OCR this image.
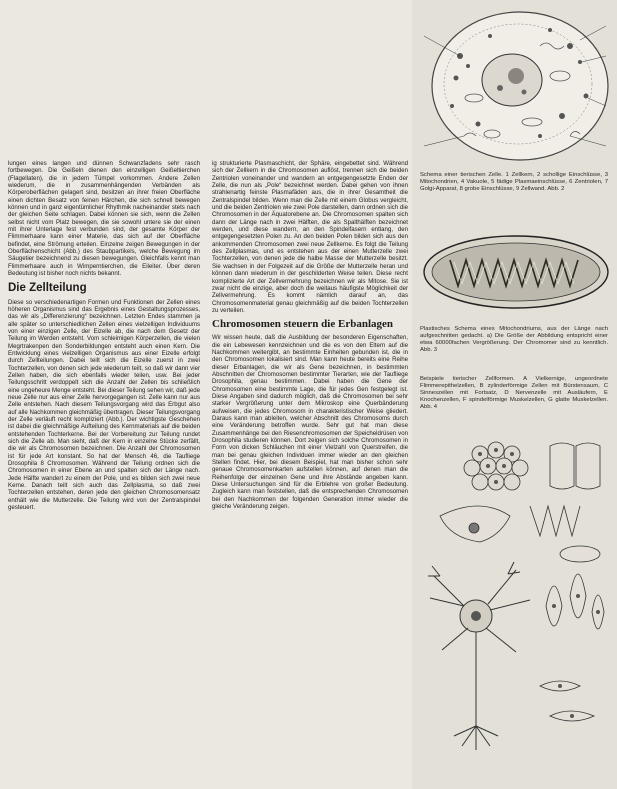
lungen eines langen und dünnen Schwanzfadens sehr rasch fortbewegen. Die Geißeln dienen den einzelligen Geißeltierchen (Flagellaten), die in jedem Tümpel vorkommen. Andere Zellen wiederum, die in zusammenhängenden Verbänden als Körperoberflächen gelagert sind, besitzen an ihrer freien Oberfläche einen dichten Besatz von feinen Härchen, die sich schnell bewegen können und in ganz eigentümlicher Rhythmik nacheinander stets nach der gleichen Seite schlagen. Dabei können sie sich, wenn die Zellen selbst nicht vom Platz bewegen, die sie sowohl untere sie der einen mit ihrer Unterlage fest verbunden sind, der gesamte Körper der Flimmerhaare kann einer Materie, das sich auf der Oberfläche befindet, eine Strömung erteilen. Einzelne zeigen Bewegungen in der Oberflächenschicht (Abb.) des Staubpartikels, welche Bewegung im Säugetier bezeichnend zu diesen bewegungen. Gleichfalls kennt man Flimmerhaare auch in Wimperntierchen, die Eileiter. Über deren Bedeutung ist bisher noch nichts bekannt.

Die Zellteilung

Diese so verschiedenartigen Formen und Funktionen der Zellen eines höheren Organismus sind das Ergebnis eines Gestaltungsprozesses, das wir als „Differenzierung“ bezeichnen. Letzten Endes stammen ja alle später so unterschiedlichen Zellen eines vielzelligen Individuums von einer einzigen Zelle, der Eizelle ab, die nach dem Gesetz der Teilung im Werden entsteht. Vom schleimigen Körperzellen, die vielen Megrtrakenpen den Sonderbildungen entsteht auch einen Kern. Die Entwicklung eines vielzelligen Organismus aus einer Eizelle erfolgt durch Zellteilungen. Dabei teilt sich die Eizelle zuerst in zwei Tochterzellen, von denen sich jede wiederum teilt, so daß wir dann vier Zellen haben, die sich ebenfalls wieder teilen, usw. Bei jeder Teilungsschritt verdoppelt sich die Anzahl der Zellen bis schließlich eine ungeheure Menge entsteht. Bei dieser Teilung sehen wir, daß jede neue Zelle nur aus einer Zelle hervorgegangen ist. Zelle kann nur aus Zelle entstehen. Nach diesem Teilungsvorgang wird das Erbgut also auf alle Nachkommen gleichmäßig übertragen. Dieser Teilungsvorgang der Zelle verläuft recht kompliziert (Abb.). Der wichtigste Geschehen ist dabei die gleichmäßige Aufteilung des Kernmaterials auf die beiden entstehenden Tochterkerne. Bei der Vorbereitung zur Teilung rundet sich die Zelle ab. Man sieht, daß der Kern in einzelne Stücke zerfällt, die wir als Chromosomen bezeichnen. Die Anzahl der Chromosomen ist für jede Art konstant. So hat der Mensch 46, die Taufliege Drosophila 8 Chromosomen. Während der Teilung ordnen sich die Chromosomen in einer Ebene an und spalten sich der Länge nach. Jede Hälfte wandert zu einem der Pole, und es bilden sich zwei neue Kerne. Danach teilt sich auch das Zellplasma, so daß zwei Tochterzellen entstehen, deren jede den gleichen Chromosomensatz enthält wie die Mutterzelle. Die Teilung wird von der Zentralspindel gesteuert.

ig strukturierte Plasmaschicht, der Sphäre, eingebettet sind. Während sich der Zellkern in die Chromosomen auflöst, trennen sich die beiden Zentriolen voneinander und wandern an entgegengesetzte Enden der Zelle, die nun als „Pole“ bezeichnet werden. Dabei gehen von ihnen strahlenartig feinste Plasmafäden aus, die in ihrer Gesamtheit die Zentralspindel bilden. Wenn man die Zelle mit einem Globus vergleicht, und die beiden Zentriolen wie zwei Pole darstellen, dann ordnen sich die Chromosomen in der Äquatorebene an. Die Chromosomen spalten sich dann der Länge nach in zwei Hälften, die als Spalthälften bezeichnet werden, und diese wandern, an den Spindelfasern entlang, den entgegengesetzten Polen zu. An den beiden Polen bilden sich aus den ankommenden Chromosomen zwei neue Zellkerne. Es folgt die Teilung des Zellplasmas, und es entstehen aus der einen Mutterzelle zwei Tochterzellen, von denen jede die halbe Masse der Mutterzelle besitzt. Sie wachsen in der Folgezeit auf die Größe der Mutterzelle heran und können dann wiederum in der geschilderten Weise teilen. Diese recht komplizierte Art der Zellvermehrung bezeichnen wir als Mitose. Sie ist zwar nicht die einzige, aber doch die weitaus häufigste Möglichkeit der Zellvermehrung. Es kommt nämlich darauf an, das Chromosomenmaterial genau gleichmäßig auf die beiden Tochterzellen zu verteilen.

Chromosomen steuern die Erbanlagen

Wir wissen heute, daß die Ausbildung der besonderen Eigenschaften, die ein Lebewesen kennzeichnen und die es von den Eltern auf die Nachkommen weitergibt, an bestimmte Einheiten gebunden ist, die in den Chromosomen lokalisiert sind. Man kann heute bereits eine Reihe dieser Erbanlagen, die wir als Gene bezeichnen, in bestimmten Abschnitten der Chromosomen bestimmter Tierarten, wie der Taufliege Drosophila, genau bestimmen. Dabei haben die Gene der Chromosomen eine bestimmte Lage, die für jedes Gen festgelegt ist. Diese Angaben sind dadurch möglich, daß die Chromosomen bei sehr starker Vergrößerung unter dem Mikroskop eine Querbänderung aufweisen, die jedes Chromosom in charakteristischer Weise gliedert. Daraus kann man ableiten, welcher Abschnitt des Chromosoms durch eine Veränderung betroffen wurde. Sehr gut hat man diese Zusammenhänge bei den Riesenchromosomen der Speicheldrüsen von Drosophila studieren können. Dort zeigen sich solche Chromosomen in Form von dicken Schläuchen mit einer Vielzahl von Querstreifen, die man bei genau gleichen Individuen immer wieder an den gleichen Stellen findet. Hier, bei diesem Beispiel, hat man bisher schon sehr genaue Chromosomenkarten aufstellen können, auf denen man die Reihenfolge der einzelnen Gene und ihre Abstände angeben kann. Diese Untersuchungen sind für die Erblehre von großer Bedeutung. Zugleich kann man feststellen, daß die entsprechenden Chromosomen bei den Nachkommen der folgenden Generation immer wieder die gleiche Veränderung zeigen.

Schema einer tierischen Zelle. 1 Zellkern, 2 schollige Einschlüsse, 3 Mitochondrien, 4 Vakuole, 5 fädige Plasmaeinschlüsse, 6 Zentriolen, 7 Golgi-Apparat, 8 grobe Einschlüsse, 9 Zellwand. Abb. 2
Plastisches Schema eines Mitochondriums, aus der Länge nach aufgeschnitten gedacht. a) Die Größe der Abbildung entspricht einer etwa 60000fachen Vergrößerung. Der Chromomer sind zu kenntlich. Abb. 3
Beispiele tierischer Zellformen. A Vielkernige, ungeordnete Flimmerepithelzellen, B zylinderförmige Zellen mit Bürstensaum, C Sinneszellen mit Fortsatz, D Nervenzelle mit Ausläufern, E Knochenzellen, F spindelförmige Muskelzellen, G glatte Muskelzellen. Abb. 4
